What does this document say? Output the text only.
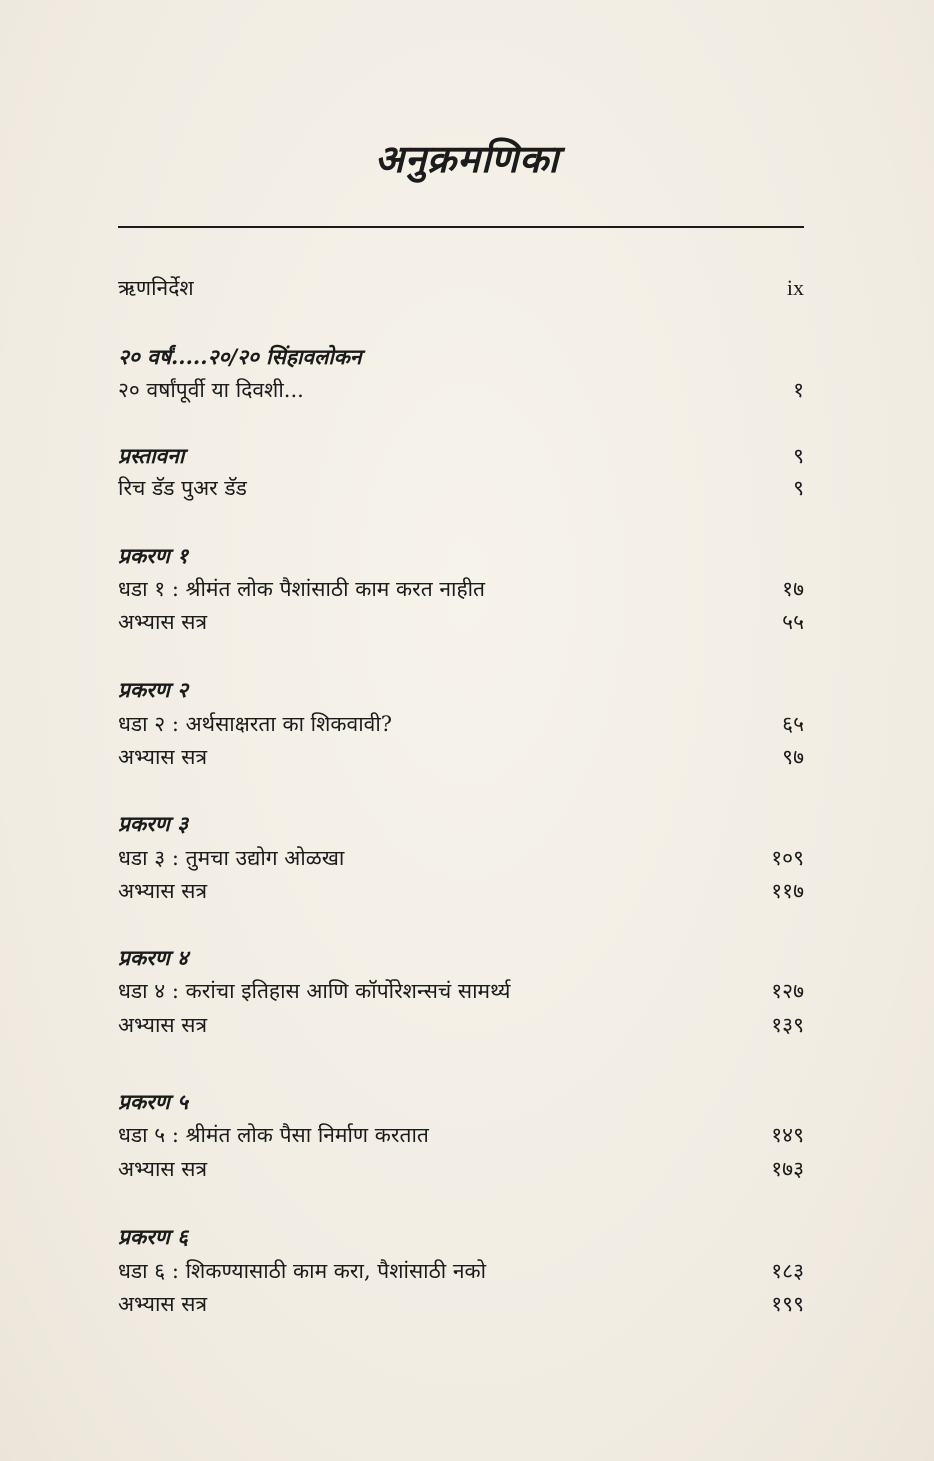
अनुक्रमणिका
ऋणनिर्देश	ix
२० वर्षं.....२०/२० सिंहावलोकन
२० वर्षांपूर्वी या दिवशी...	१
प्रस्तावना	९
रिच डॅड पुअर डॅड	९
प्रकरण १
धडा १ : श्रीमंत लोक पैशांसाठी काम करत नाहीत	१७
अभ्यास सत्र	५५
प्रकरण २
धडा २ : अर्थसाक्षरता का शिकवावी?	६५
अभ्यास सत्र	९७
प्रकरण ३
धडा ३ : तुमचा उद्योग ओळखा	१०९
अभ्यास सत्र	११७
प्रकरण ४
धडा ४ : करांचा इतिहास आणि कॉर्पोरेशन्सचं सामर्थ्य	१२७
अभ्यास सत्र	१३९
प्रकरण ५
धडा ५ : श्रीमंत लोक पैसा निर्माण करतात	१४९
अभ्यास सत्र	१७३
प्रकरण ६
धडा ६ : शिकण्यासाठी काम करा, पैशांसाठी नको	१८३
अभ्यास सत्र	१९९
